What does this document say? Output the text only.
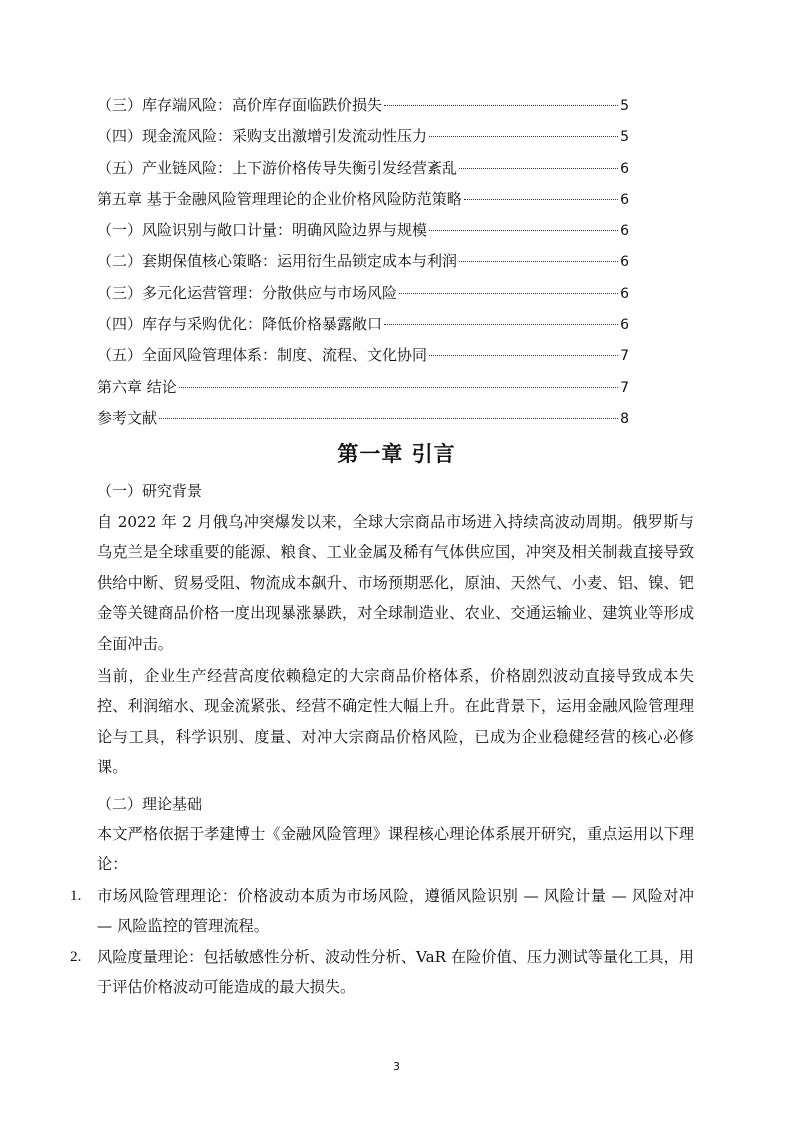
（三）库存端风险：高价库存面临跌价损失	5
（四）现金流风险：采购支出激增引发流动性压力	5
（五）产业链风险：上下游价格传导失衡引发经营紊乱	6
第五章 基于金融风险管理理论的企业价格风险防范策略	6
（一）风险识别与敞口计量：明确风险边界与规模	6
（二）套期保值核心策略：运用衍生品锁定成本与利润	6
（三）多元化运营管理：分散供应与市场风险	6
（四）库存与采购优化：降低价格暴露敞口	6
（五）全面风险管理体系：制度、流程、文化协同	7
第六章 结论	7
参考文献	8
第一章 引言
（一）研究背景
自 2022 年 2 月俄乌冲突爆发以来，全球大宗商品市场进入持续高波动周期。俄罗斯与乌克兰是全球重要的能源、粮食、工业金属及稀有气体供应国，冲突及相关制裁直接导致供给中断、贸易受阻、物流成本飙升、市场预期恶化，原油、天然气、小麦、铝、镍、钯金等关键商品价格一度出现暴涨暴跌，对全球制造业、农业、交通运输业、建筑业等形成全面冲击。
当前，企业生产经营高度依赖稳定的大宗商品价格体系，价格剧烈波动直接导致成本失控、利润缩水、现金流紧张、经营不确定性大幅上升。在此背景下，运用金融风险管理理论与工具，科学识别、度量、对冲大宗商品价格风险，已成为企业稳健经营的核心必修课。
（二）理论基础
本文严格依据于孝建博士《金融风险管理》课程核心理论体系展开研究，重点运用以下理论：
1.	市场风险管理理论：价格波动本质为市场风险，遵循风险识别 — 风险计量 — 风险对冲 — 风险监控的管理流程。
2.	风险度量理论：包括敏感性分析、波动性分析、VaR 在险价值、压力测试等量化工具，用于评估价格波动可能造成的最大损失。
3
